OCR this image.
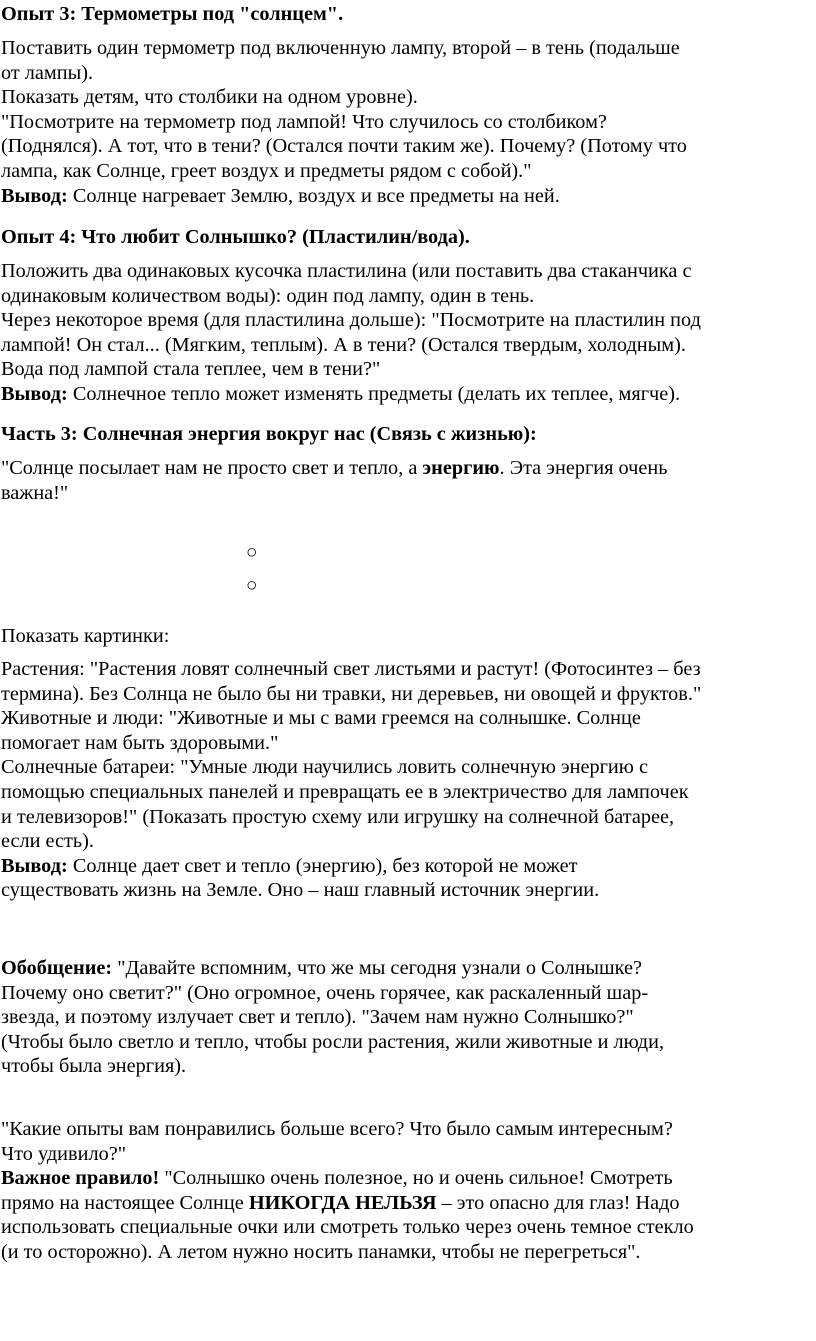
Опыт 3: Термометры под "солнцем".

Поставить один термометр под включенную лампу, второй – в тень (подальше

от лампы).

Показать детям, что столбики на одном уровне).

"Посмотрите на термометр под лампой! Что случилось со столбиком?

(Поднялся). А тот, что в тени? (Остался почти таким же). Почему? (Потому что

лампа, как Солнце, греет воздух и предметы рядом с собой)."

Вывод: Солнце нагревает Землю, воздух и все предметы на ней.

Опыт 4: Что любит Солнышко? (Пластилин/вода).

Положить два одинаковых кусочка пластилина (или поставить два стаканчика с

одинаковым количеством воды): один под лампу, один в тень.

Через некоторое время (для пластилина дольше): "Посмотрите на пластилин под

лампой! Он стал... (Мягким, теплым). А в тени? (Остался твердым, холодным).

Вода под лампой стала теплее, чем в тени?"

Вывод: Солнечное тепло может изменять предметы (делать их теплее, мягче).

Часть 3: Солнечная энергия вокруг нас (Связь с жизнью):

"Солнце посылает нам не просто свет и тепло, а энергию. Эта энергия очень

важна!"

○
○

Показать картинки:

Растения: "Растения ловят солнечный свет листьями и растут! (Фотосинтез – без

термина). Без Солнца не было бы ни травки, ни деревьев, ни овощей и фруктов."

Животные и люди: "Животные и мы с вами греемся на солнышке. Солнце

помогает нам быть здоровыми."

Солнечные батареи: "Умные люди научились ловить солнечную энергию с

помощью специальных панелей и превращать ее в электричество для лампочек

и телевизоров!" (Показать простую схему или игрушку на солнечной батарее,

если есть).

Вывод: Солнце дает свет и тепло (энергию), без которой не может

существовать жизнь на Земле. Оно – наш главный источник энергии.

Обобщение: "Давайте вспомним, что же мы сегодня узнали о Солнышке?

Почему оно светит?" (Оно огромное, очень горячее, как раскаленный шар-

звезда, и поэтому излучает свет и тепло). "Зачем нам нужно Солнышко?"

(Чтобы было светло и тепло, чтобы росли растения, жили животные и люди,

чтобы была энергия).

"Какие опыты вам понравились больше всего? Что было самым интересным?

Что удивило?"

Важное правило! "Солнышко очень полезное, но и очень сильное! Смотреть

прямо на настоящее Солнце НИКОГДА НЕЛЬЗЯ – это опасно для глаз! Надо

использовать специальные очки или смотреть только через очень темное стекло

(и то осторожно). А летом нужно носить панамки, чтобы не перегреться".
